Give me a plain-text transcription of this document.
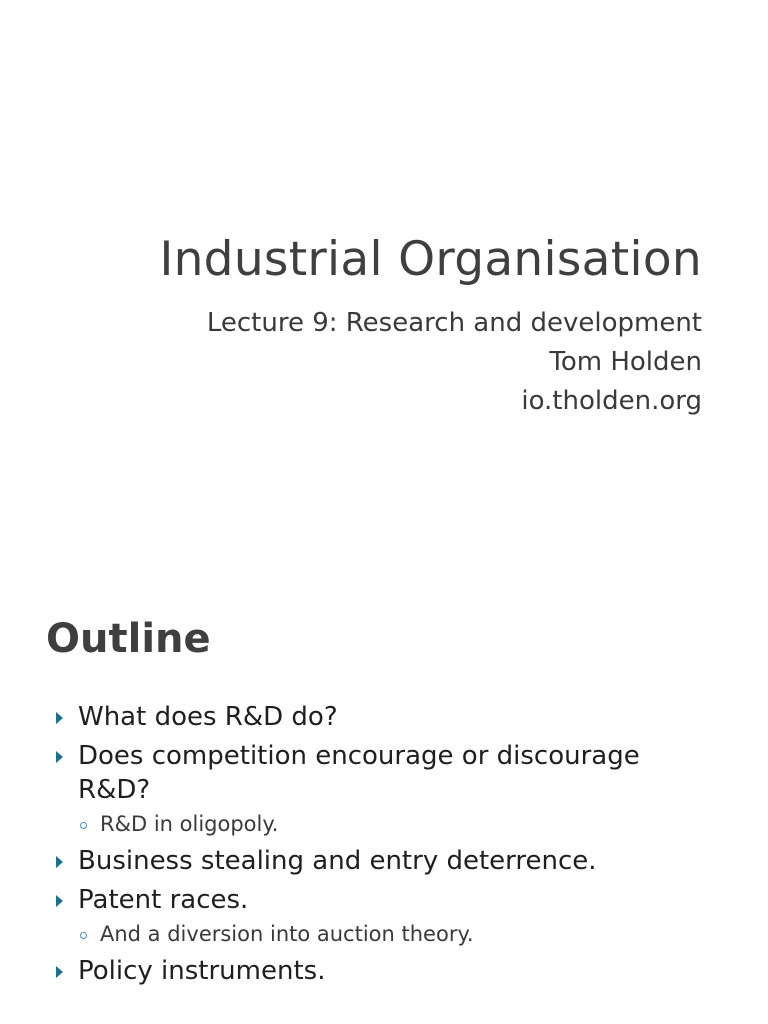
Industrial Organisation
Lecture 9: Research and development
Tom Holden
io.tholden.org
Outline
What does R&D do?
Does competition encourage or discourage R&D?
R&D in oligopoly.
Business stealing and entry deterrence.
Patent races.
And a diversion into auction theory.
Policy instruments.
